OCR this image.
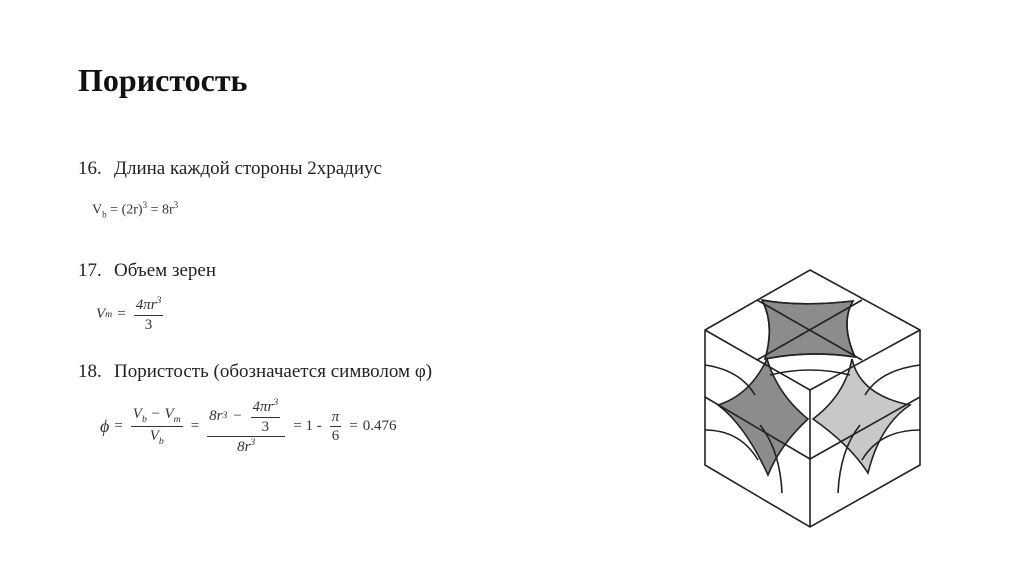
Пористость
16. Длина каждой стороны 2храдиус
$V_b = (2r)^3 = 8r^3$
17. Объем зерен
V $m = \frac{4\pi r^3}{3}$
18. Пористость (обозначается символом φ)
$\phi = \frac{V_b - V_m}{V_b} = \frac{8r 3 - \frac{4\pi r^3}{3}}{8r^3} = 1 - \frac{\pi}{6} = 0.476$
